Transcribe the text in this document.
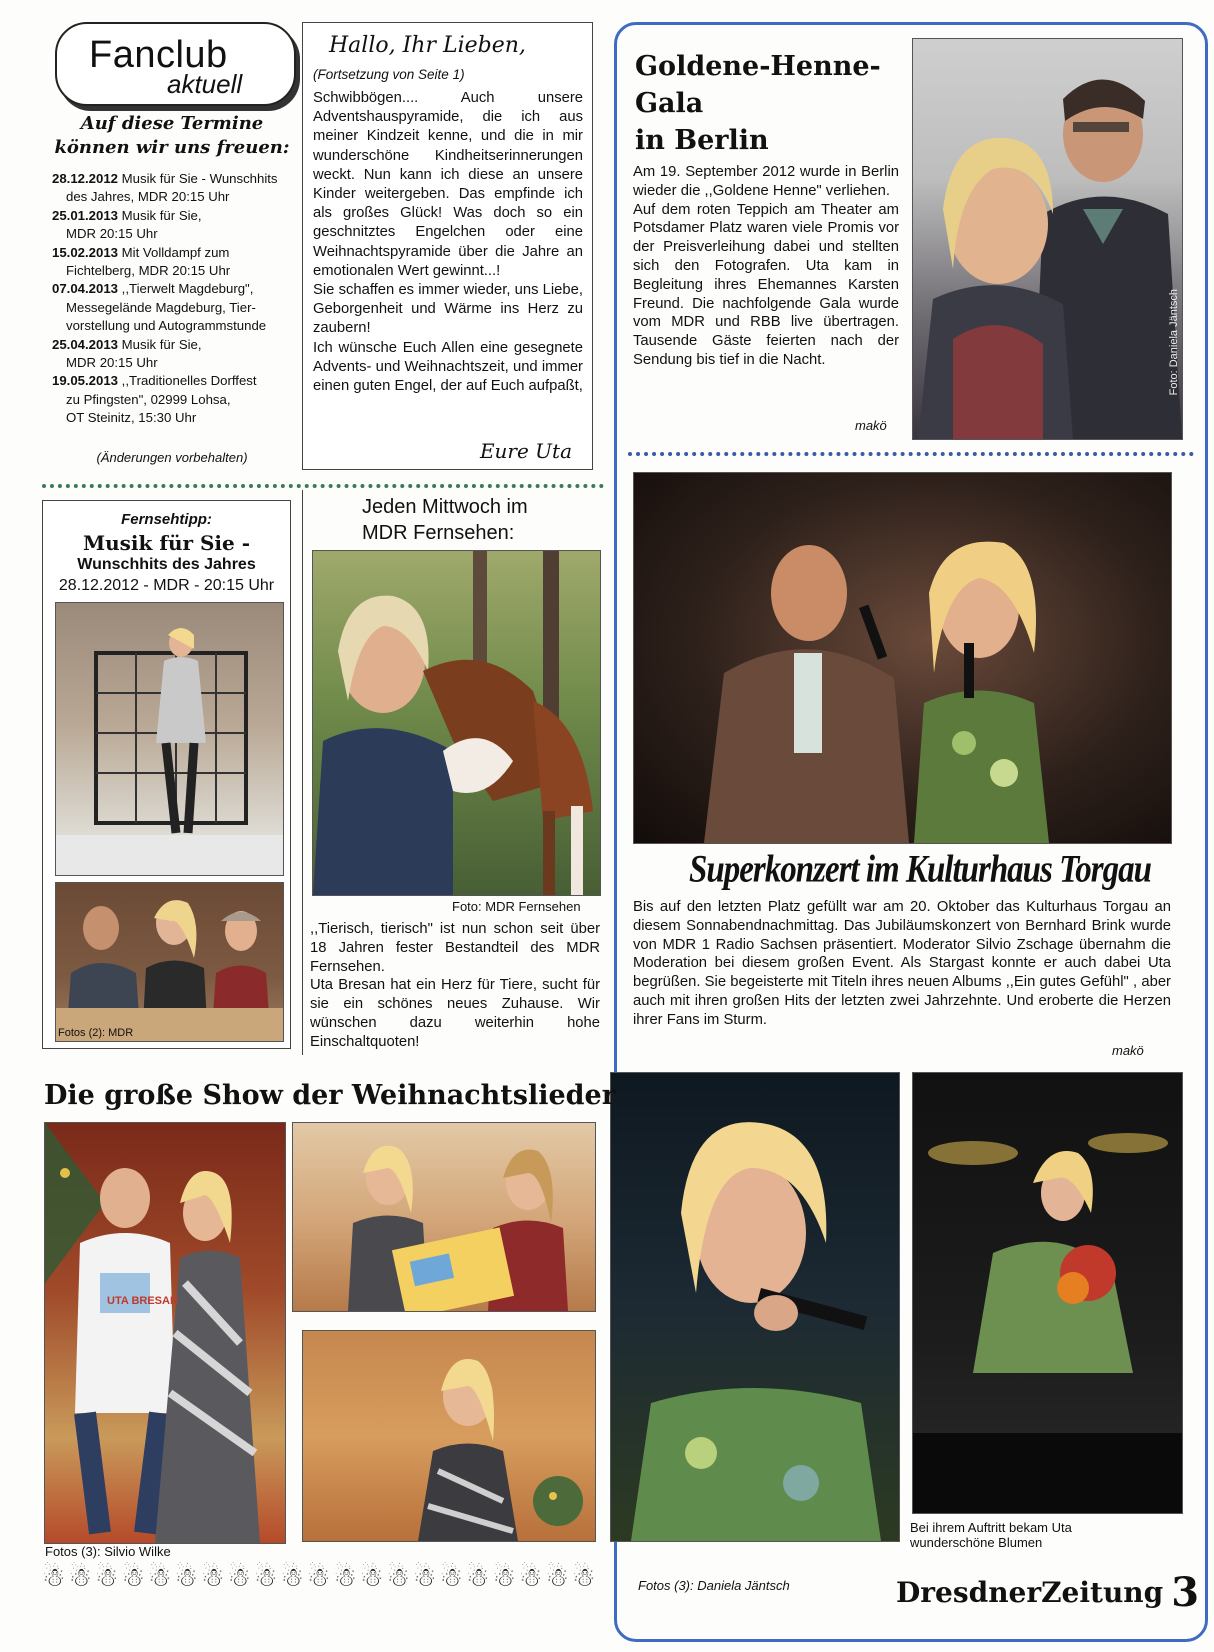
Fanclub
aktuell
Auf diese Termine
können wir uns freuen:
28.12.2012 Musik für Sie - Wunschhits
des Jahres, MDR 20:15 Uhr
25.01.2013 Musik für Sie,
MDR 20:15 Uhr
15.02.2013 Mit Volldampf zum
Fichtelberg, MDR 20:15 Uhr
07.04.2013 ,,Tierwelt Magdeburg",
Messegelände Magdeburg, Tier-
vorstellung und Autogrammstunde
25.04.2013 Musik für Sie,
MDR 20:15 Uhr
19.05.2013 ,,Traditionelles Dorffest
zu Pfingsten", 02999 Lohsa,
OT Steinitz, 15:30 Uhr
(Änderungen vorbehalten)
Hallo, Ihr Lieben,
(Fortsetzung von Seite 1)
Schwibbögen.... Auch unsere Adventshauspyramide, die ich aus meiner Kindzeit kenne, und die in mir wunderschöne Kindheitserinnerungen weckt. Nun kann ich diese an unsere Kinder weitergeben. Das empfinde ich als großes Glück! Was doch so ein geschnitztes Engelchen oder eine Weihnachtspyramide über die Jahre an emotionalen Wert gewinnt...!
Sie schaffen es immer wieder, uns Liebe, Geborgenheit und Wärme ins Herz zu zaubern!
Ich wünsche Euch Allen eine gesegnete Advents- und Weihnachtszeit, und immer einen guten Engel, der auf Euch aufpaßt,
Eure Uta
Goldene-Henne-
Gala
in Berlin
Am 19. September 2012 wurde in Berlin wieder die ,,Goldene Henne" verliehen.
Auf dem roten Teppich am Theater am Potsdamer Platz waren viele Promis vor der Preisverleihung dabei und stellten sich den Fotografen. Uta kam in Begleitung ihres Ehemannes Karsten Freund. Die nachfolgende Gala wurde vom MDR und RBB live übertragen. Tausende Gäste feierten nach der Sendung bis tief in die Nacht.
makö
Foto: Daniela Jäntsch
Superkonzert im Kulturhaus Torgau
Bis auf den letzten Platz gefüllt war am 20. Oktober das Kulturhaus Torgau an diesem Sonnabendnachmittag. Das Jubiläumskonzert von Bernhard Brink wurde von MDR 1 Radio Sachsen präsentiert. Moderator Silvio Zschage übernahm die Moderation bei diesem großen Event. Als Stargast konnte er auch dabei Uta begrüßen. Sie begeisterte mit Titeln ihres neuen Albums ,,Ein gutes Gefühl" , aber auch mit ihren großen Hits der letzten zwei Jahrzehnte. Und eroberte die Herzen ihrer Fans im Sturm.
makö
Bei ihrem Auftritt bekam Uta
wunderschöne Blumen
Fotos (3): Daniela Jäntsch
Fernsehtipp:
Musik für Sie -
Wunschhits des Jahres
28.12.2012 - MDR - 20:15 Uhr
Fotos (2): MDR
Jeden Mittwoch im
MDR Fernsehen:
Foto: MDR Fernsehen
,,Tierisch, tierisch" ist nun schon seit über 18 Jahren fester Bestandteil des MDR Fernsehen.
Uta Bresan hat ein Herz für Tiere, sucht für sie ein schönes neues Zuhause. Wir wünschen dazu weiterhin hohe Einschaltquoten!
Die große Show der Weihnachtslieder
UTA BRESAN
Fotos (3): Silvio Wilke
☃ ☃ ☃ ☃ ☃ ☃ ☃ ☃ ☃ ☃ ☃ ☃ ☃ ☃ ☃ ☃ ☃ ☃ ☃ ☃ ☃	DresdnerZeitung 3
